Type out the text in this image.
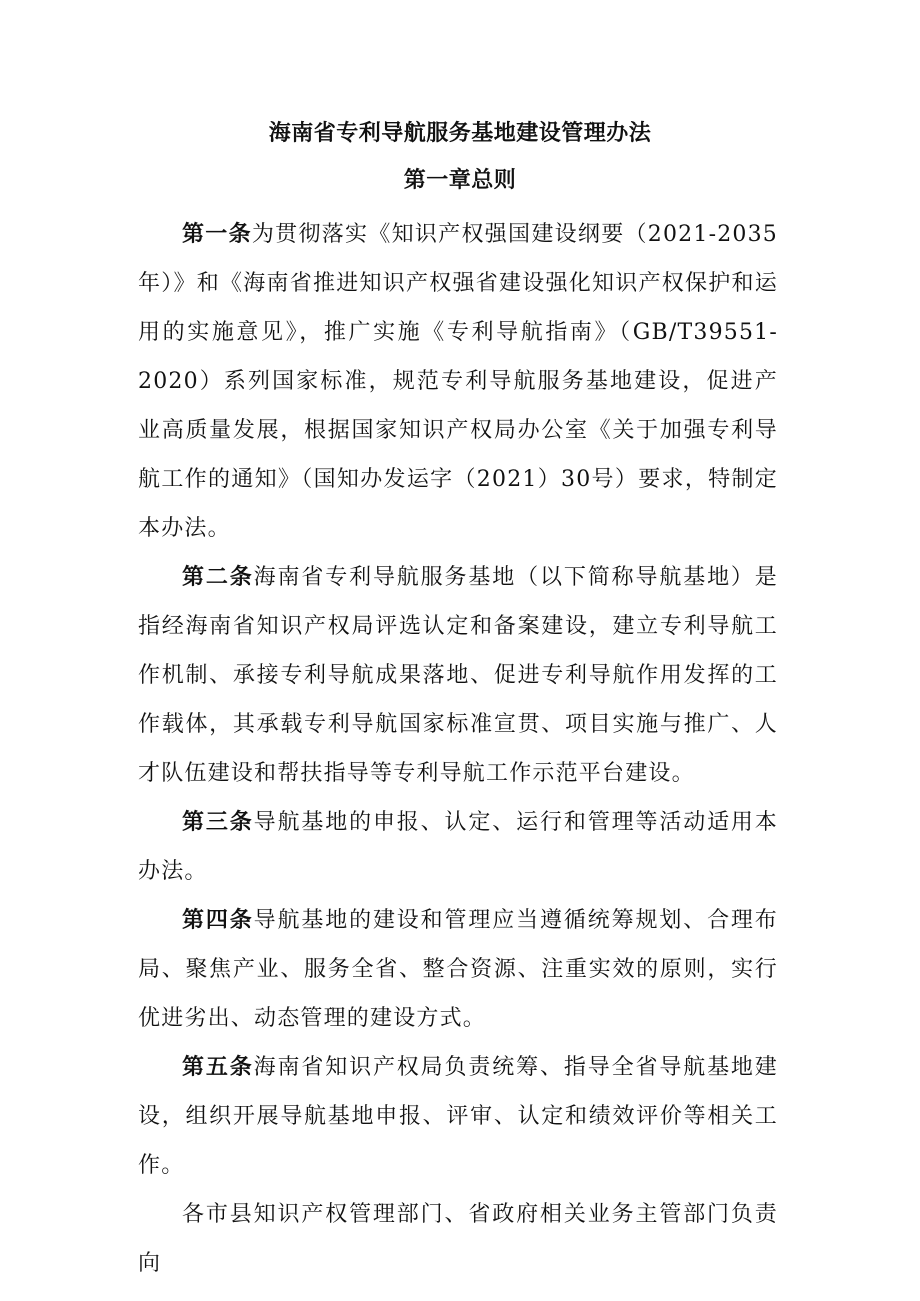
海南省专利导航服务基地建设管理办法
第一章总则

第一条为贯彻落实《知识产权强国建设纲要（2021-2035年）》和《海南省推进知识产权强省建设强化知识产权保护和运用的实施意见》，推广实施《专利导航指南》（GB/T39551-2020）系列国家标准，规范专利导航服务基地建设，促进产业高质量发展，根据国家知识产权局办公室《关于加强专利导航工作的通知》（国知办发运字（2021）30号）要求，特制定本办法。

第二条海南省专利导航服务基地（以下简称导航基地）是指经海南省知识产权局评选认定和备案建设，建立专利导航工作机制、承接专利导航成果落地、促进专利导航作用发挥的工作载体，其承载专利导航国家标准宣贯、项目实施与推广、人才队伍建设和帮扶指导等专利导航工作示范平台建设。

第三条导航基地的申报、认定、运行和管理等活动适用本办法。

第四条导航基地的建设和管理应当遵循统筹规划、合理布局、聚焦产业、服务全省、整合资源、注重实效的原则，实行优进劣出、动态管理的建设方式。

第五条海南省知识产权局负责统筹、指导全省导航基地建设，组织开展导航基地申报、评审、认定和绩效评价等相关工作。

各市县知识产权管理部门、省政府相关业务主管部门负责向
